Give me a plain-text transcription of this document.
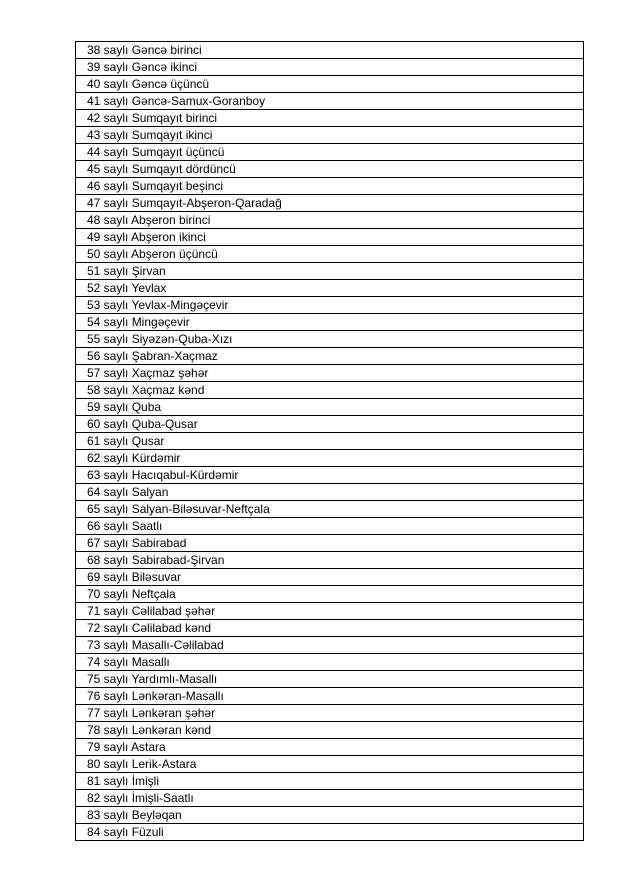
38 saylı Gəncə birinci
39 saylı Gəncə ikinci
40 saylı Gəncə üçüncü
41 saylı Gəncə-Samux-Goranboy
42 saylı Sumqayıt birinci
43 saylı Sumqayıt ikinci
44 saylı Sumqayıt üçüncü
45 saylı Sumqayıt dördüncü
46 saylı Sumqayıt beşinci
47 saylı Sumqayıt-Abşeron-Qaradağ
48 saylı Abşeron birinci
49 saylı Abşeron ikinci
50 saylı Abşeron üçüncü
51 saylı Şirvan
52 saylı Yevlax
53 saylı Yevlax-Mingəçevir
54 saylı Mingəçevir
55 saylı Siyəzən-Quba-Xızı
56 saylı Şabran-Xaçmaz
57 saylı Xaçmaz şəhər
58 saylı Xaçmaz kənd
59 saylı Quba
60 saylı Quba-Qusar
61 saylı Qusar
62 saylı Kürdəmir
63 saylı Hacıqabul-Kürdəmir
64 saylı Salyan
65 saylı Salyan-Biləsuvar-Neftçala
66 saylı Saatlı
67 saylı Sabirabad
68 saylı Sabirabad-Şirvan
69 saylı Biləsuvar
70 saylı Neftçala
71 saylı Cəlilabad şəhər
72 saylı Cəlilabad kənd
73 saylı Masallı-Cəlilabad
74 saylı Masallı
75 saylı Yardımlı-Masallı
76 saylı Lənkəran-Masallı
77 saylı Lənkəran şəhər
78 saylı Lənkəran kənd
79 saylı Astara
80 saylı Lerik-Astara
81 saylı İmişli
82 saylı İmişli-Saatlı
83 saylı Beyləqan
84 saylı Füzuli
